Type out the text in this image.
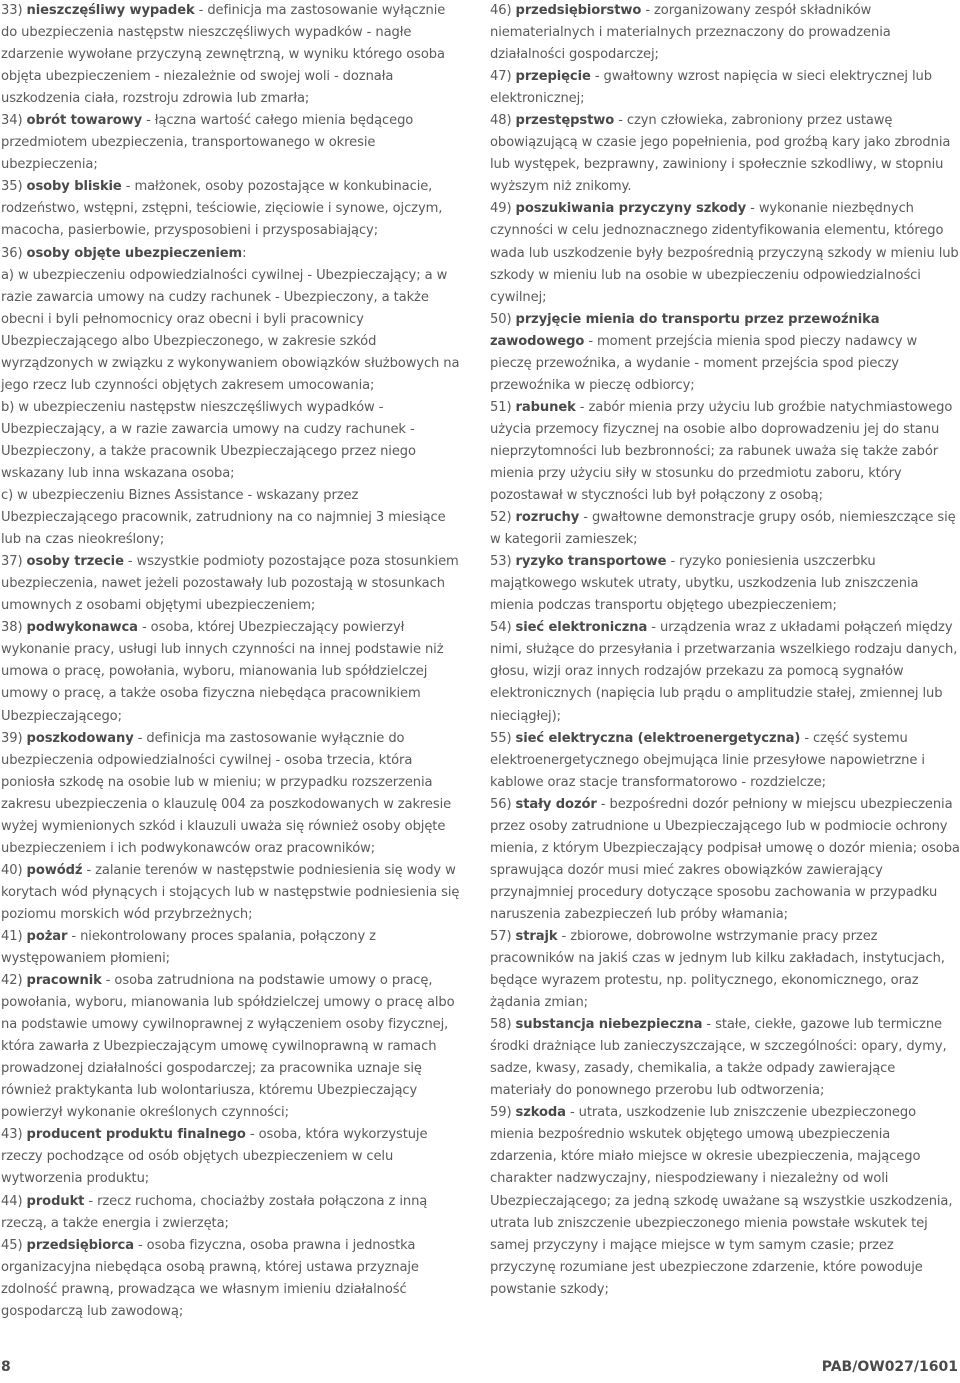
33) nieszczęśliwy wypadek - definicja ma zastosowanie wyłącznie do ubezpieczenia następstw nieszczęśliwych wypadków - nagłe zdarzenie wywołane przyczyną zewnętrzną, w wyniku którego osoba objęta ubezpieczeniem - niezależnie od swojej woli - doznała uszkodzenia ciała, rozstroju zdrowia lub zmarła;

34) obrót towarowy - łączna wartość całego mienia będącego przedmiotem ubezpieczenia, transportowanego w okresie ubezpieczenia;

35) osoby bliskie - małżonek, osoby pozostające w konkubinacie, rodzeństwo, wstępni, zstępni, teściowie, zięciowie i synowe, ojczym, macocha, pasierbowie, przysposobieni i przysposabiający;

36) osoby objęte ubezpieczeniem:

a) w ubezpieczeniu odpowiedzialności cywilnej - Ubezpieczający; a w razie zawarcia umowy na cudzy rachunek - Ubezpieczony, a także obecni i byli pełnomocnicy oraz obecni i byli pracownicy Ubezpieczającego albo Ubezpieczonego, w zakresie szkód wyrządzonych w związku z wykonywaniem obowiązków służbowych na jego rzecz lub czynności objętych zakresem umocowania;

b) w ubezpieczeniu następstw nieszczęśliwych wypadków - Ubezpieczający, a w razie zawarcia umowy na cudzy rachunek - Ubezpieczony, a także pracownik Ubezpieczającego przez niego wskazany lub inna wskazana osoba;

c) w ubezpieczeniu Biznes Assistance - wskazany przez Ubezpieczającego pracownik, zatrudniony na co najmniej 3 miesiące lub na czas nieokreślony;

37) osoby trzecie - wszystkie podmioty pozostające poza stosunkiem ubezpieczenia, nawet jeżeli pozostawały lub pozostają w stosunkach umownych z osobami objętymi ubezpieczeniem;

38) podwykonawca - osoba, której Ubezpieczający powierzył wykonanie pracy, usługi lub innych czynności na innej podstawie niż umowa o pracę, powołania, wyboru, mianowania lub spółdzielczej umowy o pracę, a także osoba fizyczna niebędąca pracownikiem Ubezpieczającego;

39) poszkodowany - definicja ma zastosowanie wyłącznie do ubezpieczenia odpowiedzialności cywilnej - osoba trzecia, która poniosła szkodę na osobie lub w mieniu; w przypadku rozszerzenia zakresu ubezpieczenia o klauzulę 004 za poszkodowanych w zakresie wyżej wymienionych szkód i klauzuli uważa się również osoby objęte ubezpieczeniem i ich podwykonawców oraz pracowników;

40) powódź - zalanie terenów w następstwie podniesienia się wody w korytach wód płynących i stojących lub w następstwie podniesienia się poziomu morskich wód przybrzeżnych;

41) pożar - niekontrolowany proces spalania, połączony z występowaniem płomieni;

42) pracownik - osoba zatrudniona na podstawie umowy o pracę, powołania, wyboru, mianowania lub spółdzielczej umowy o pracę albo na podstawie umowy cywilnoprawnej z wyłączeniem osoby fizycznej, która zawarła z Ubezpieczającym umowę cywilnoprawną w ramach prowadzonej działalności gospodarczej; za pracownika uznaje się również praktykanta lub wolontariusza, któremu Ubezpieczający powierzył wykonanie określonych czynności;

43) producent produktu finalnego - osoba, która wykorzystuje rzeczy pochodzące od osób objętych ubezpieczeniem w celu wytworzenia produktu;

44) produkt - rzecz ruchoma, chociażby została połączona z inną rzeczą, a także energia i zwierzęta;

45) przedsiębiorca - osoba fizyczna, osoba prawna i jednostka organizacyjna niebędąca osobą prawną, której ustawa przyznaje zdolność prawną, prowadząca we własnym imieniu działalność gospodarczą lub zawodową;

46) przedsiębiorstwo - zorganizowany zespół składników niematerialnych i materialnych przeznaczony do prowadzenia działalności gospodarczej;

47) przepięcie - gwałtowny wzrost napięcia w sieci elektrycznej lub elektronicznej;

48) przestępstwo - czyn człowieka, zabroniony przez ustawę obowiązującą w czasie jego popełnienia, pod groźbą kary jako zbrodnia lub występek, bezprawny, zawiniony i społecznie szkodliwy, w stopniu wyższym niż znikomy.

49) poszukiwania przyczyny szkody - wykonanie niezbędnych czynności w celu jednoznacznego zidentyfikowania elementu, którego wada lub uszkodzenie były bezpośrednią przyczyną szkody w mieniu lub szkody w mieniu lub na osobie w ubezpieczeniu odpowiedzialności cywilnej;

50) przyjęcie mienia do transportu przez przewoźnika zawodowego - moment przejścia mienia spod pieczy nadawcy w pieczę przewoźnika, a wydanie - moment przejścia spod pieczy przewoźnika w pieczę odbiorcy;

51) rabunek - zabór mienia przy użyciu lub groźbie natychmiastowego użycia przemocy fizycznej na osobie albo doprowadzeniu jej do stanu nieprzytomności lub bezbronności; za rabunek uważa się także zabór mienia przy użyciu siły w stosunku do przedmiotu zaboru, który pozostawał w styczności lub był połączony z osobą;

52) rozruchy - gwałtowne demonstracje grupy osób, niemieszczące się w kategorii zamieszek;

53) ryzyko transportowe - ryzyko poniesienia uszczerbku majątkowego wskutek utraty, ubytku, uszkodzenia lub zniszczenia mienia podczas transportu objętego ubezpieczeniem;

54) sieć elektroniczna - urządzenia wraz z układami połączeń między nimi, służące do przesyłania i przetwarzania wszelkiego rodzaju danych, głosu, wizji oraz innych rodzajów przekazu za pomocą sygnałów elektronicznych (napięcia lub prądu o amplitudzie stałej, zmiennej lub nieciągłej);

55) sieć elektryczna (elektroenergetyczna) - część systemu elektroenergetycznego obejmująca linie przesyłowe napowietrzne i kablowe oraz stacje transformatorowo - rozdzielcze;

56) stały dozór - bezpośredni dozór pełniony w miejscu ubezpieczenia przez osoby zatrudnione u Ubezpieczającego lub w podmiocie ochrony mienia, z którym Ubezpieczający podpisał umowę o dozór mienia; osoba sprawująca dozór musi mieć zakres obowiązków zawierający przynajmniej procedury dotyczące sposobu zachowania w przypadku naruszenia zabezpieczeń lub próby włamania;

57) strajk - zbiorowe, dobrowolne wstrzymanie pracy przez pracowników na jakiś czas w jednym lub kilku zakładach, instytucjach, będące wyrazem protestu, np. politycznego, ekonomicznego, oraz żądania zmian;

58) substancja niebezpieczna - stałe, ciekłe, gazowe lub termiczne środki drażniące lub zanieczyszczające, w szczególności: opary, dymy, sadze, kwasy, zasady, chemikalia, a także odpady zawierające materiały do ponownego przerobu lub odtworzenia;

59) szkoda - utrata, uszkodzenie lub zniszczenie ubezpieczonego mienia bezpośrednio wskutek objętego umową ubezpieczenia zdarzenia, które miało miejsce w okresie ubezpieczenia, mającego charakter nadzwyczajny, niespodziewany i niezależny od woli Ubezpieczającego; za jedną szkodę uważane są wszystkie uszkodzenia, utrata lub zniszczenie ubezpieczonego mienia powstałe wskutek tej samej przyczyny i mające miejsce w tym samym czasie; przez przyczynę rozumiane jest ubezpieczone zdarzenie, które powoduje powstanie szkody;

8	PAB/OW027/1601
